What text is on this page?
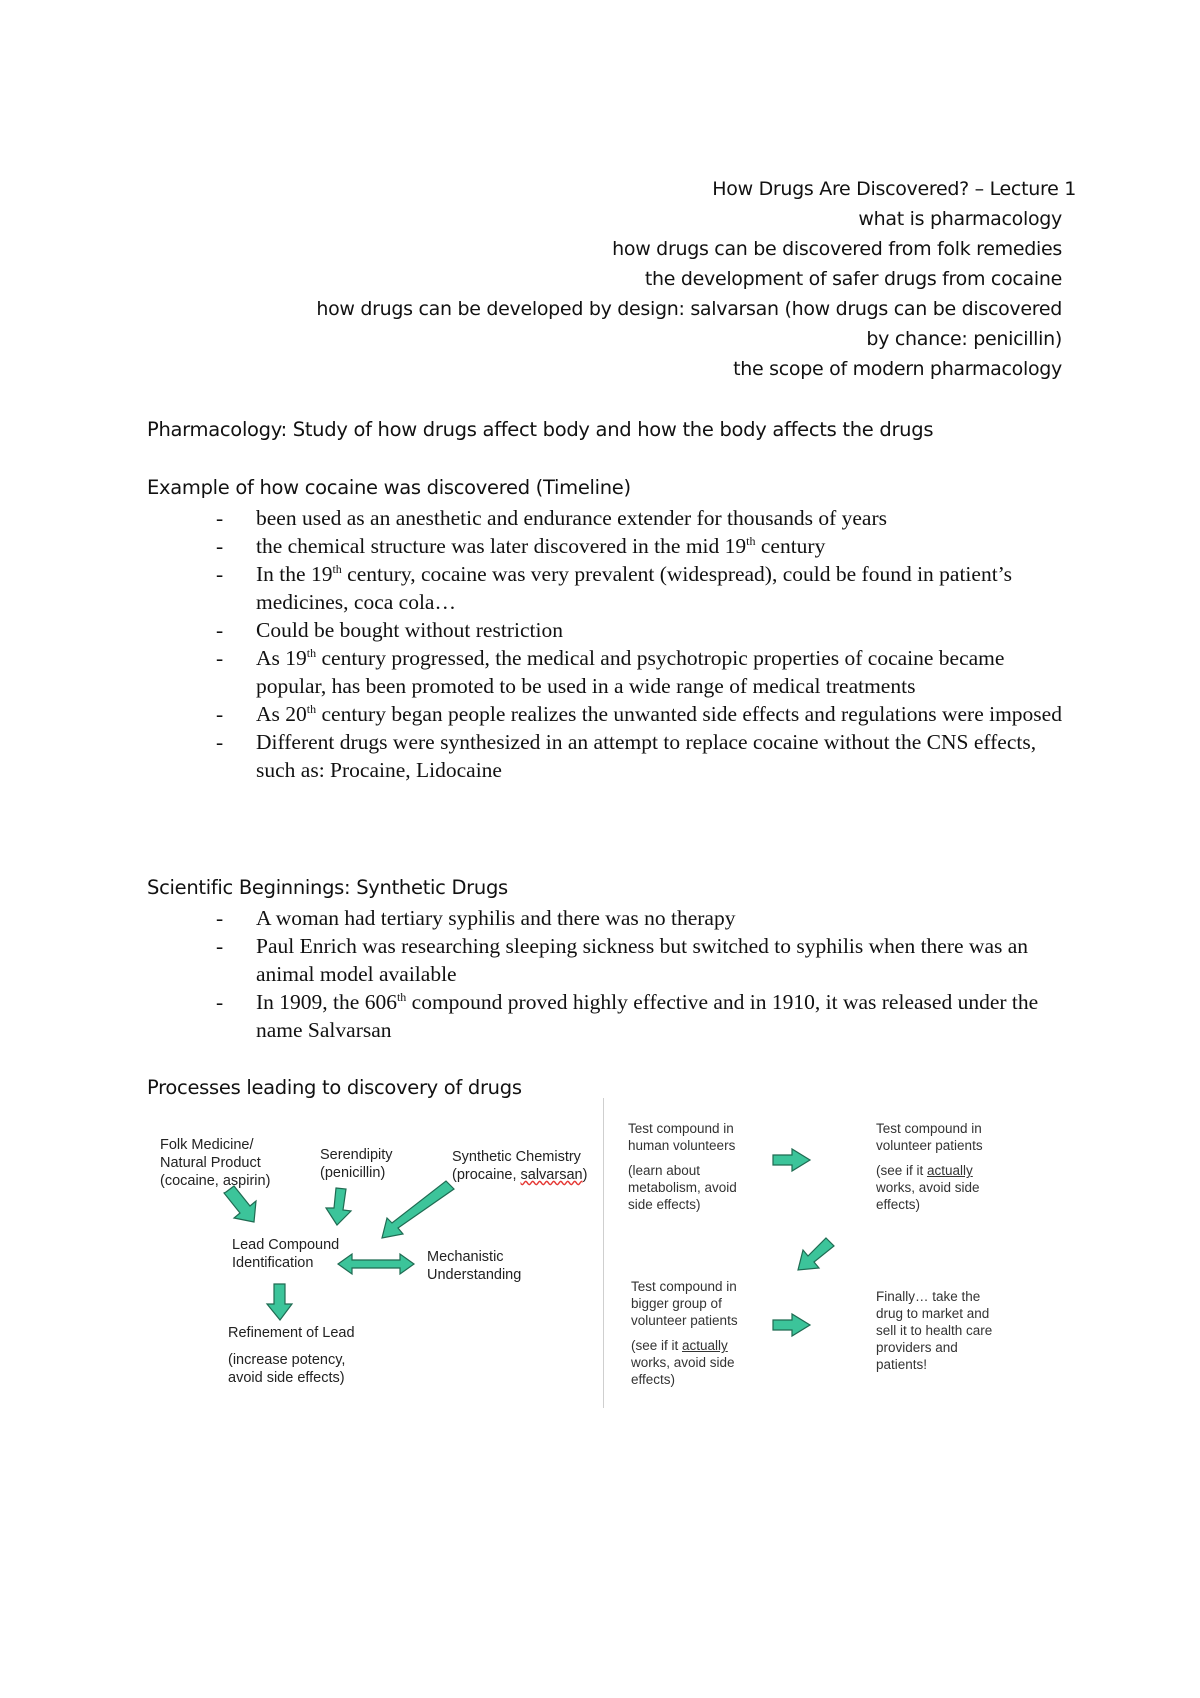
How Drugs Are Discovered? – Lecture 1
what is pharmacology
how drugs can be discovered from folk remedies
the development of safer drugs from cocaine
how drugs can be developed by design: salvarsan (how drugs can be discovered
by chance: penicillin)
the scope of modern pharmacology
Pharmacology: Study of how drugs affect body and how the body affects the drugs
Example of how cocaine was discovered (Timeline)
- been used as an anesthetic and endurance extender for thousands of years
- the chemical structure was later discovered in the mid 19th century
- In the 19th century, cocaine was very prevalent (widespread), could be found in patient’s medicines, coca cola…
- Could be bought without restriction
- As 19th century progressed, the medical and psychotropic properties of cocaine became popular, has been promoted to be used in a wide range of medical treatments
- As 20th century began people realizes the unwanted side effects and regulations were imposed
- Different drugs were synthesized in an attempt to replace cocaine without the CNS effects, such as: Procaine, Lidocaine
Scientific Beginnings: Synthetic Drugs
- A woman had tertiary syphilis and there was no therapy
- Paul Enrich was researching sleeping sickness but switched to syphilis when there was an animal model available
- In 1909, the 606th compound proved highly effective and in 1910, it was released under the name Salvarsan
Processes leading to discovery of drugs
Folk Medicine/
Natural Product
(cocaine, aspirin)
Serendipity
(penicillin)
Synthetic Chemistry
(procaine, salvarsan)
Lead Compound
Identification	Mechanistic
Understanding
Refinement of Lead
(increase potency,
avoid side effects)
Test compound in
human volunteers
(learn about
metabolism, avoid
side effects)
Test compound in
volunteer patients
(see if it actually
works, avoid side
effects)
Test compound in
bigger group of
volunteer patients
(see if it actually
works, avoid side
effects)
Finally… take the
drug to market and
sell it to health care
providers and
patients!
